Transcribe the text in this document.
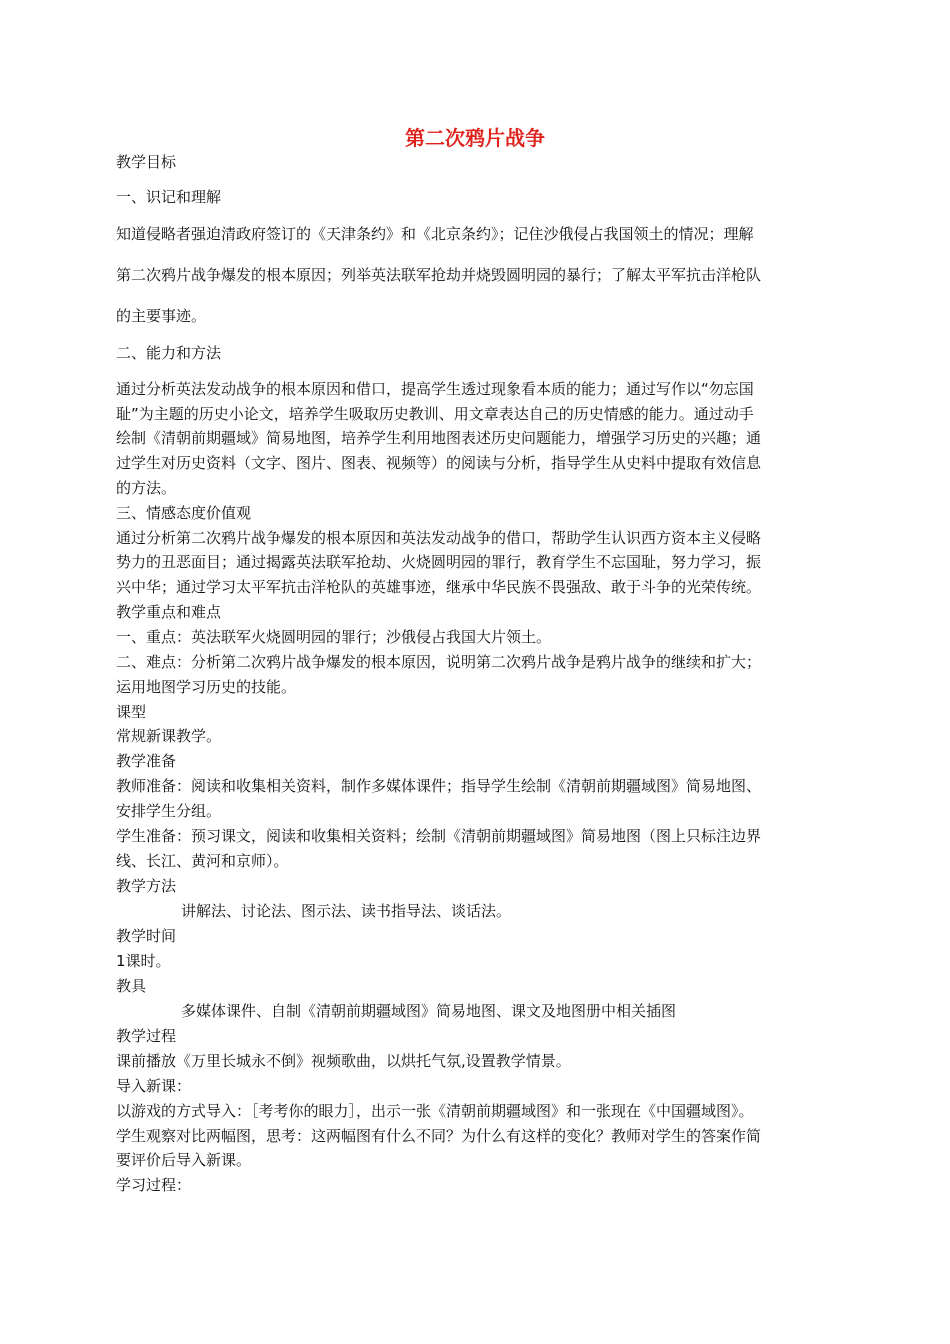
第二次鸦片战争

教学目标

一、识记和理解

知道侵略者强迫清政府签订的《天津条约》和《北京条约》；记住沙俄侵占我国领土的情况；理解

第二次鸦片战争爆发的根本原因；列举英法联军抢劫并烧毁圆明园的暴行；了解太平军抗击洋枪队

的主要事迹。

二、能力和方法

通过分析英法发动战争的根本原因和借口，提高学生透过现象看本质的能力；通过写作以“勿忘国

耻”为主题的历史小论文，培养学生吸取历史教训、用文章表达自己的历史情感的能力。通过动手

绘制《清朝前期疆域》简易地图，培养学生利用地图表述历史问题能力，增强学习历史的兴趣；通

过学生对历史资料（文字、图片、图表、视频等）的阅读与分析，指导学生从史料中提取有效信息

的方法。

三、情感态度价值观

通过分析第二次鸦片战争爆发的根本原因和英法发动战争的借口，帮助学生认识西方资本主义侵略

势力的丑恶面目；通过揭露英法联军抢劫、火烧圆明园的罪行，教育学生不忘国耻，努力学习，振

兴中华；通过学习太平军抗击洋枪队的英雄事迹，继承中华民族不畏强敌、敢于斗争的光荣传统。

教学重点和难点

一、重点：英法联军火烧圆明园的罪行；沙俄侵占我国大片领土。

二、难点：分析第二次鸦片战争爆发的根本原因，说明第二次鸦片战争是鸦片战争的继续和扩大；

运用地图学习历史的技能。

课型

常规新课教学。

教学准备

教师准备：阅读和收集相关资料，制作多媒体课件；指导学生绘制《清朝前期疆域图》简易地图、

安排学生分组。

学生准备：预习课文，阅读和收集相关资料；绘制《清朝前期疆域图》简易地图（图上只标注边界

线、长江、黄河和京师）。

教学方法

讲解法、讨论法、图示法、读书指导法、谈话法。

教学时间

1课时。

教具

多媒体课件、自制《清朝前期疆域图》简易地图、课文及地图册中相关插图

教学过程

课前播放《万里长城永不倒》视频歌曲，以烘托气氛,设置教学情景。

导入新课：

以游戏的方式导入：［考考你的眼力］，出示一张《清朝前期疆域图》和一张现在《中国疆域图》。

学生观察对比两幅图，思考：这两幅图有什么不同？为什么有这样的变化？教师对学生的答案作简

要评价后导入新课。

学习过程：
